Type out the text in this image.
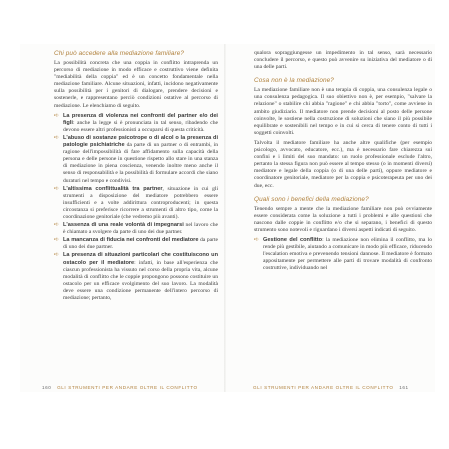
Chi può accedere alla mediazione familiare?

La possibilità concreta che una coppia in conflitto intraprenda un percorso di mediazione in modo efficace e costruttivo viene definita "mediabilità della coppia" ed è un concetto fondamentale nella mediazione familiare. Alcune situazioni, infatti, incidono negativamente sulla possibilità per i genitori di dialogare, prendere decisioni e sostenerle, e rappresentano perciò condizioni ostative al percorso di mediazione. Le elenchiamo di seguito.

➪ La presenza di violenza nei confronti del partner e/o dei figli: anche la legge si è pronunciata in tal senso, ribadendo che devono essere altri professionisti a occuparsi di questa criticità.
➪ L'abuso di sostanze psicotrope o di alcol o la presenza di patologie psichiatriche da parte di un partner o di entrambi, in ragione dell'impossibilità di fare affidamento sulla capacità della persona e delle persone in questione rispetto allo stare in una stanza di mediazione in piena coscienza, venendo inoltre meno anche il senso di responsabilità e la possibilità di formulare accordi che siano duraturi nel tempo e condivisi.
➪ L'altissima conflittualità tra partner, situazione in cui gli strumenti a disposizione del mediatore potrebbero essere insufficienti e a volte addirittura controproducenti; in questa circostanza si preferisce ricorrere a strumenti di altro tipo, come la coordinazione genitoriale (che vedremo più avanti).
➪ L'assenza di una reale volontà di impegnarsi nel lavoro che è chiamato a svolgere da parte di uno dei due partner.
➪ La mancanza di fiducia nei confronti del mediatore da parte di uno dei due partner.
➪ La presenza di situazioni particolari che costituiscono un ostacolo per il mediatore: infatti, in base all'esperienza che ciascun professionista ha vissuto nel corso della propria vita, alcune modalità di conflitto che le coppie propongono possono costituire un ostacolo per un efficace svolgimento del suo lavoro. La modalità deve essere una condizione permanente dell'intero percorso di mediazione; pertanto,

qualora sopraggiungesse un impedimento in tal senso, sarà necessario concludere il percorso, e questo può avvenire su iniziativa del mediatore o di una delle parti.

Cosa non è la mediazione?

La mediazione familiare non è una terapia di coppia, una consulenza legale o una consulenza pedagogica. Il suo obiettivo non è, per esempio, "salvare la relazione" o stabilire chi abbia "ragione" e chi abbia "torto", come avviene in ambito giudiziario. Il mediatore non prende decisioni al posto delle persone coinvolte, le sostiene nella costruzione di soluzioni che siano il più possibile equilibrate e sostenibili nel tempo e in cui si cerca di tenere conto di tutti i soggetti coinvolti.

Talvolta il mediatore familiare ha anche altre qualifiche (per esempio psicologo, avvocato, educatore, ecc.), ma è necessario fare chiarezza sui confini e i limiti del suo mandato: un ruolo professionale esclude l'altro, pertanto la stessa figura non può essere al tempo stesso (o in momenti diversi) mediatore e legale della coppia (o di una delle parti), oppure mediatore e coordinatore genitoriale, mediatore per la coppia e psicoterapeuta per uno dei due, ecc.

Quali sono i benefici della mediazione?

Tenendo sempre a mente che la mediazione familiare non può ovviamente essere considerata come la soluzione a tutti i problemi e alle questioni che nascono dalle coppie in conflitto e/o che si separano, i benefici di questo strumento sono notevoli e riguardano i diversi aspetti indicati di seguito.

➪ Gestione del conflitto: la mediazione non elimina il conflitto, ma lo rende più gestibile, aiutando a comunicare in modo più efficace, riducendo l'escalation emotiva e prevenendo tensioni dannose. Il mediatore è formato appositamente per permettere alle parti di trovare modalità di confronto costruttive, individuando nel
160 GLI STRUMENTI PER ANDARE OLTRE IL CONFLITTO	GLI STRUMENTI PER ANDARE OLTRE IL CONFLITTO 161
